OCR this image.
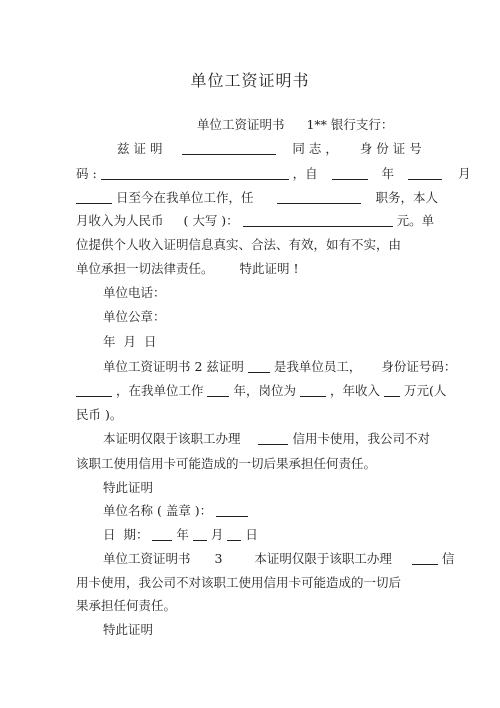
单位工资证明书
单位工资证明书 1** 银行支行：
兹 证 明	同 志 ， 身 份 证 号
码 :	，自	年	月
日至今在我单位工作，任	职务，本人
月收入为人民币 ( 大写 )：	元。单
位提供个人收入证明信息真实、合法、有效，如有不实，由
单位承担一切法律责任。 特此证明 !
单位电话：
单位公章：
年 月 日
单位工资证明书 2 兹证明 是我单位员工， 身份证号码：
，在我单位工作 年，岗位为	，年收入 万元(人
民币 )。
本证明仅限于该职工办理	信用卡使用，我公司不对
该职工使用信用卡可能造成的一切后果承担任何责任。
特此证明
单位名称 ( 盖章 )：
日  期： 年 月 日
单位工资证明书 3	本证明仅限于该职工办理	信
用卡使用，我公司不对该职工使用信用卡可能造成的一切后
果承担任何责任。
特此证明
